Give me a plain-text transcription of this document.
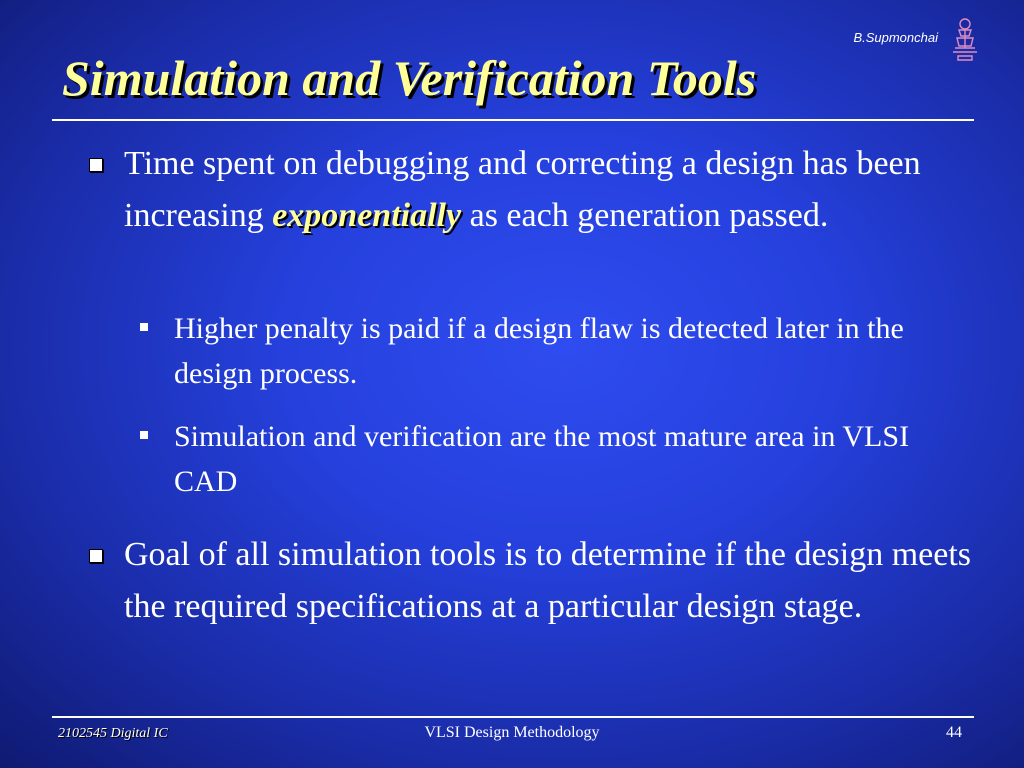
B.Supmonchai
Simulation and Verification Tools
Time spent on debugging and correcting a design has been increasing exponentially as each generation passed.
Higher penalty is paid if a design flaw is detected later in the design process.
Simulation and verification are the most mature area in VLSI CAD
Goal of all simulation tools is to determine if the design meets the required specifications at a particular design stage.
2102545 Digital IC	VLSI Design Methodology	44
